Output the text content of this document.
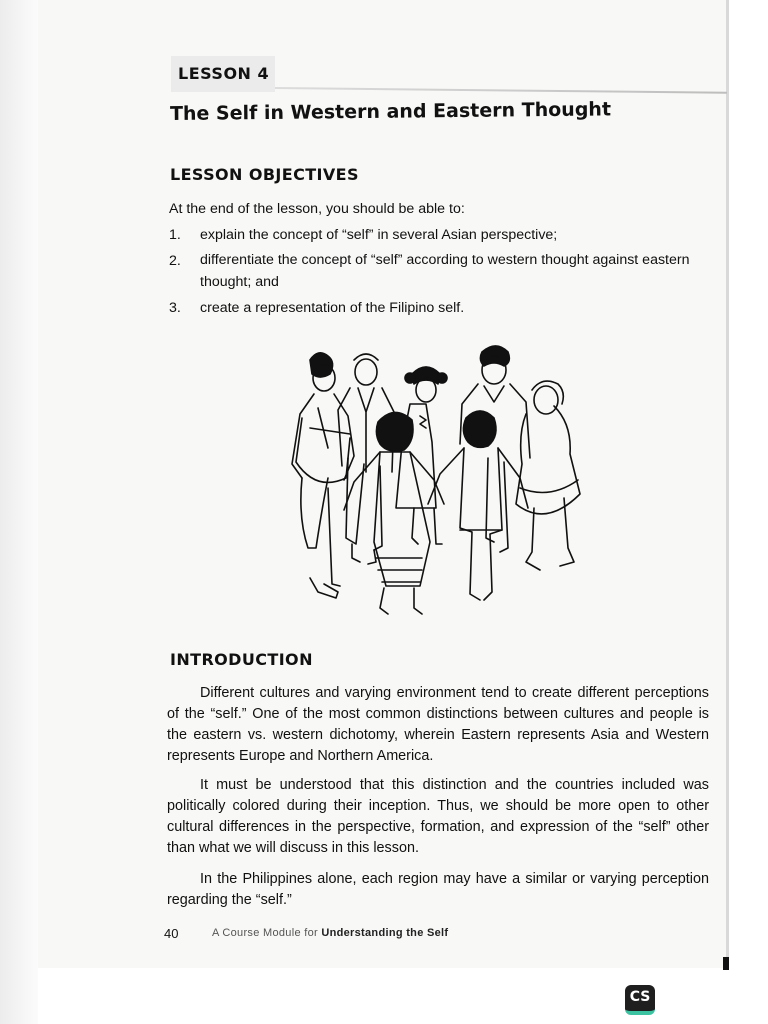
LESSON 4
The Self in Western and Eastern Thought
LESSON OBJECTIVES
At the end of the lesson, you should be able to:
1. explain the concept of “self” in several Asian perspective;
2. differentiate the concept of “self” according to western thought against eastern
thought; and
3. create a representation of the Filipino self.
INTRODUCTION
Different cultures and varying environment tend to create different perceptions of the “self.” One of the most common distinctions between cultures and people is the eastern vs. western dichotomy, wherein Eastern represents Asia and Western represents Europe and Northern America.
It must be understood that this distinction and the countries included was politically colored during their inception. Thus, we should be more open to other cultural differences in the perspective, formation, and expression of the “self” other than what we will discuss in this lesson.
In the Philippines alone, each region may have a similar or varying perception regarding the “self.”
40	A Course Module for Understanding the Self
CS
